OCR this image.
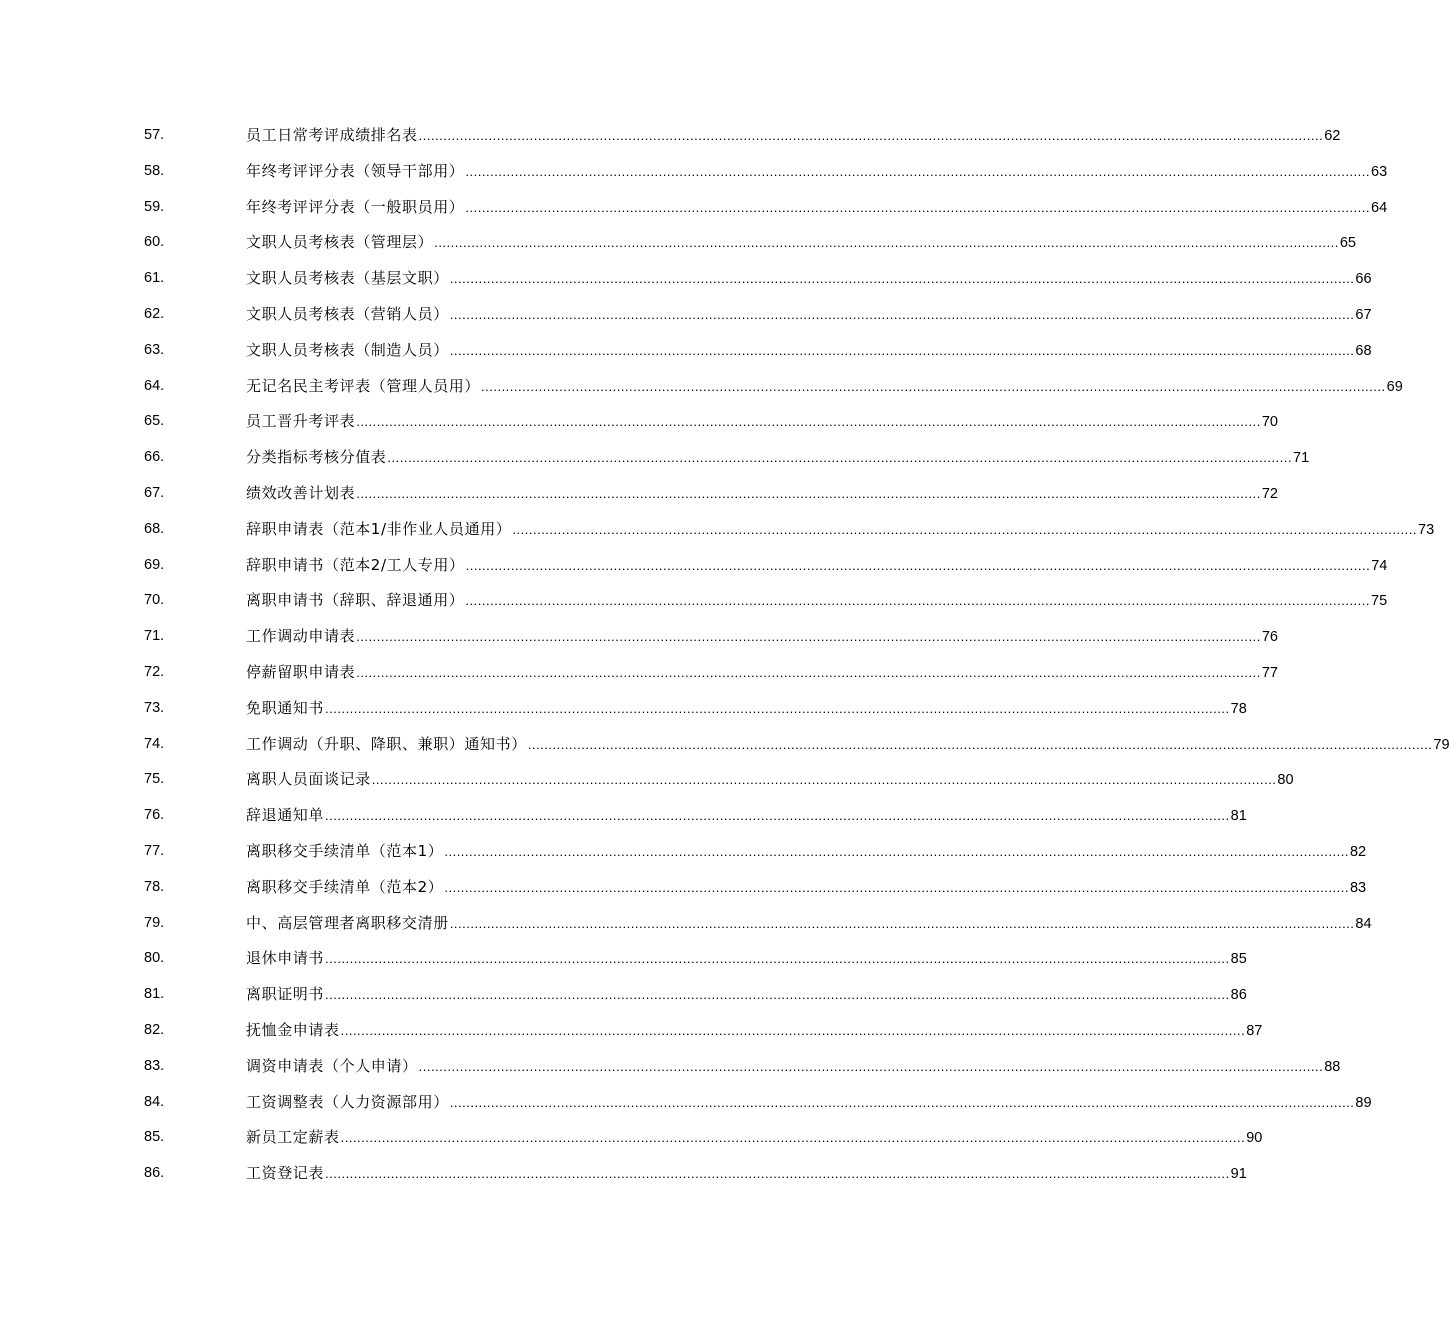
57.	员工日常考评成绩排名表 ............................................................................................................................................................................................................................ 62
58.	年终考评评分表（领导干部用） ............................................................................................................................................................................................................................ 63
59.	年终考评评分表（一般职员用） ............................................................................................................................................................................................................................ 64
60.	文职人员考核表（管理层） ............................................................................................................................................................................................................................ 65
61.	文职人员考核表（基层文职） ............................................................................................................................................................................................................................ 66
62.	文职人员考核表（营销人员） ............................................................................................................................................................................................................................ 67
63.	文职人员考核表（制造人员） ............................................................................................................................................................................................................................ 68
64.	无记名民主考评表（管理人员用） ............................................................................................................................................................................................................................ 69
65.	员工晋升考评表 ............................................................................................................................................................................................................................ 70
66.	分类指标考核分值表 ............................................................................................................................................................................................................................ 71
67.	绩效改善计划表 ............................................................................................................................................................................................................................ 72
68.	辞职申请表（范本1/非作业人员通用） ............................................................................................................................................................................................................................ 73
69.	辞职申请书（范本2/工人专用） ............................................................................................................................................................................................................................ 74
70.	离职申请书（辞职、辞退通用） ............................................................................................................................................................................................................................ 75
71.	工作调动申请表 ............................................................................................................................................................................................................................ 76
72.	停薪留职申请表 ............................................................................................................................................................................................................................ 77
73.	免职通知书 ............................................................................................................................................................................................................................ 78
74.	工作调动（升职、降职、兼职）通知书） ............................................................................................................................................................................................................................ 79
75.	离职人员面谈记录 ............................................................................................................................................................................................................................ 80
76.	辞退通知单 ............................................................................................................................................................................................................................ 81
77.	离职移交手续清单（范本1） ............................................................................................................................................................................................................................ 82
78.	离职移交手续清单（范本2） ............................................................................................................................................................................................................................ 83
79.	中、高层管理者离职移交清册 ............................................................................................................................................................................................................................ 84
80.	退休申请书 ............................................................................................................................................................................................................................ 85
81.	离职证明书 ............................................................................................................................................................................................................................ 86
82.	抚恤金申请表 ............................................................................................................................................................................................................................ 87
83.	调资申请表（个人申请） ............................................................................................................................................................................................................................ 88
84.	工资调整表（人力资源部用） ............................................................................................................................................................................................................................ 89
85.	新员工定薪表 ............................................................................................................................................................................................................................ 90
86.	工资登记表 ............................................................................................................................................................................................................................ 91
